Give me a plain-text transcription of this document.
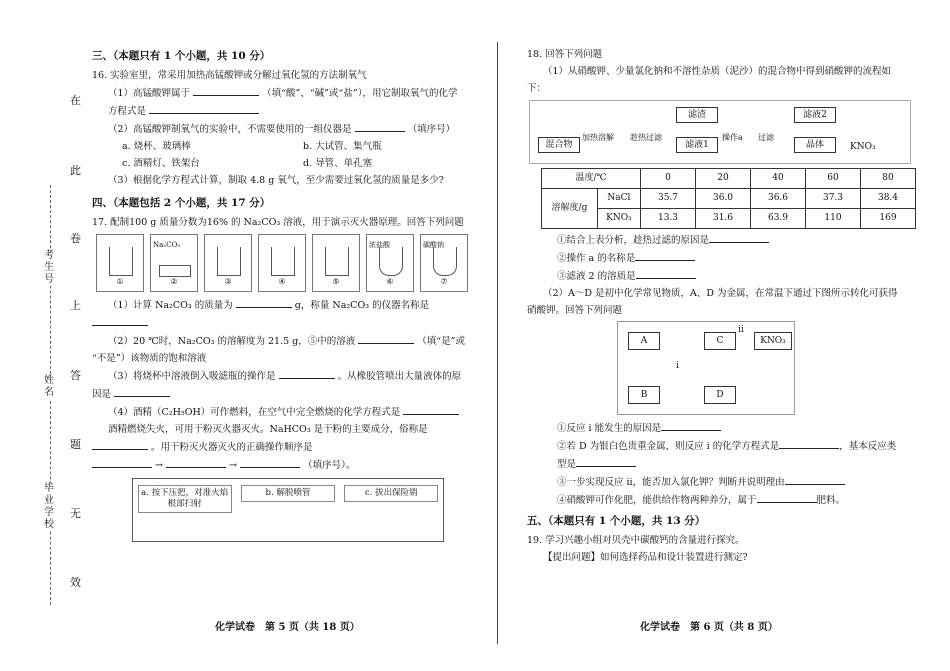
在
此
卷
上
答
题
无
效
考生号
姓名
毕业学校
三、（本题只有 1 个小题，共 10 分）
16. 实验室里，常采用加热高锰酸钾或分解过氧化氢的方法制氧气
（1）高锰酸钾属于	（填“酸”、“碱”或“盐”），用它制取氧气的化学
方程式是
（2）高锰酸钾制氧气的实验中，不需要使用的一组仪器是	（填序号）
a. 烧杯、玻璃棒	b. 大试管、集气瓶
c. 酒精灯、铁架台	d. 导管、单孔塞
（3）根据化学方程式计算，制取 4.8 g 氧气，至少需要过氧化氢的质量是多少?
四、（本题包括 2 个小题，共 17 分）
17. 配制100 g 质量分数为16% 的 Na₂CO₃ 溶液，用于演示灭火器原理。回答下列问题
①
Na₂CO₃
②	③	④	⑤
浓盐酸
⑥
碳酸钠
⑦
（1）计算 Na₂CO₃ 的质量为	g，称量 Na₂CO₃ 的仪器名称是
（2）20 ℃时，Na₂CO₃ 的溶解度为 21.5 g，⑤中的溶液	（填“是”或
“不是”）该物质的饱和溶液
（3）将烧杯中溶液倒入吸滤瓶的操作是	。从橡胶管喷出大量液体的原
因是
（4）酒精（C₂H₅OH）可作燃料，在空气中完全燃烧的化学方程式是
酒精燃烧失火，可用干粉灭火器灭火。NaHCO₃ 是干粉的主要成分，俗称是
。用干粉灭火器灭火的正确操作顺序是
→	→	（填序号）。
a. 按下压把，对准火焰根部扫射
b. 解脱喷管	c. 拔出保险销
18. 回答下列问题
（1）从硝酸钾、少量氯化钠和不溶性杂质（泥沙）的混合物中得到硝酸钾的流程如
下：
混合物
加热溶解 趁热过滤
滤渣
滤液1
操作a 过滤
滤液2
晶体	KNO₃
温度/℃		0	20	40	60	80
溶解度/g	NaCl	35.7	36.0	36.6	37.3	38.4
	KNO₃	13.3	31.6	63.9	110	169
①结合上表分析，趁热过滤的原因是
②操作 a 的名称是
③滤液 2 的溶质是
（2）A～D 是初中化学常见物质，A、D 为金属，在常温下通过下图所示转化可获得
硝酸钾。回答下列问题
A
B
C
D
KNO₃
i
ii
①反应 i 能发生的原因是
②若 D 为银白色贵重金属，则反应 i 的化学方程式是	，基本反应类
型是
③一步实现反应 ii，能否加入氯化钾？判断并说明理由
④硝酸钾可作化肥，能供给作物两种养分，属于	肥料。
五、（本题只有 1 个小题，共 13 分）
19. 学习兴趣小组对贝壳中碳酸钙的含量进行探究。
【提出问题】如何选择药品和设计装置进行测定?
化学试卷　第 5 页（共 18 页）	化学试卷　第 6 页（共 8 页）
